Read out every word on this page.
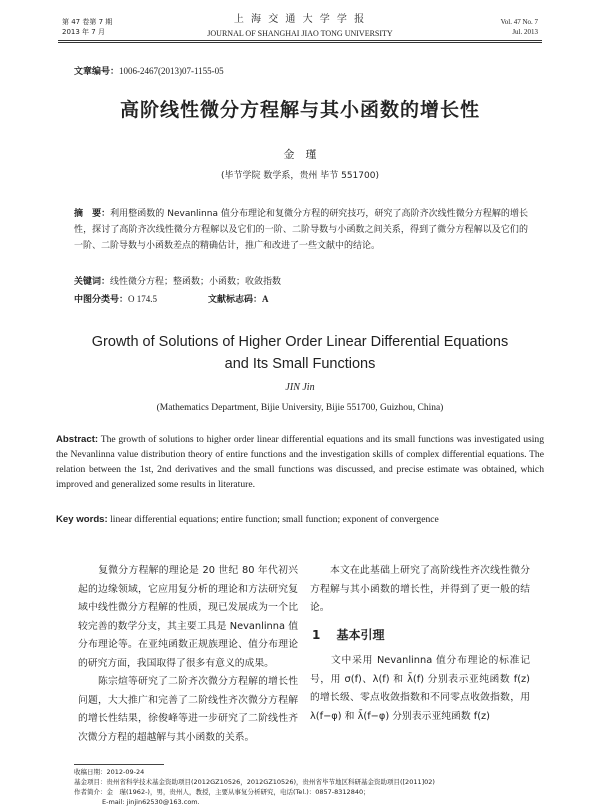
第 47 卷第 7 期
2013 年 7 月
上 海 交 通 大 学 学 报
JOURNAL OF SHANGHAI JIAO TONG UNIVERSITY
Vol. 47 No. 7
Jul. 2013
文章编号：1006-2467(2013)07-1155-05
高阶线性微分方程解与其小函数的增长性
金　瑾
(毕节学院 数学系，贵州 毕节 551700)
摘　要：利用整函数的 Nevanlinna 值分布理论和复微分方程的研究技巧，研究了高阶齐次线性微分方程解的增长性，探讨了高阶齐次线性微分方程解以及它们的一阶、二阶导数与小函数之间关系，得到了微分方程解以及它们的一阶、二阶导数与小函数差点的精确估计，推广和改进了一些文献中的结论。
关键词：线性微分方程；整函数；小函数；收敛指数
中图分类号：O 174.5	文献标志码：A
Growth of Solutions of Higher Order Linear Differential Equations
and Its Small Functions
JIN Jin
(Mathematics Department, Bijie University, Bijie 551700, Guizhou, China)
Abstract: The growth of solutions to higher order linear differential equations and its small functions was investigated using the Nevanlinna value distribution theory of entire functions and the investigation skills of complex differential equations. The relation between the 1st, 2nd derivatives and the small functions was discussed, and precise estimate was obtained, which improved and generalized some results in literature.
Key words: linear differential equations; entire function; small function; exponent of convergence
　　复微分方程解的理论是 20 世纪 80 年代初兴起的边缘领域，它应用复分析的理论和方法研究复域中线性微分方程解的性质，现已发展成为一个比较完善的数学分支，其主要工具是 Nevanlinna 值分布理论等。在亚纯函数正规族理论、值分布理论的研究方面，我国取得了很多有意义的成果。
　　陈宗煊等研究了二阶齐次微分方程解的增长性问题，大大推广和完善了二阶线性齐次微分方程解的增长性结果，徐俊峰等进一步研究了二阶线性齐次微分方程的超越解与其小函数的关系。
　　本文在此基础上研究了高阶线性齐次线性微分方程解与其小函数的增长性，并得到了更一般的结论。
1 基本引理
　　文中采用 Nevanlinna 值分布理论的标准记号，用 σ(f)、λ(f) 和 λ̄(f) 分别表示亚纯函数 f(z) 的增长级、零点收敛指数和不同零点收敛指数，用 λ(f−φ) 和 λ̄(f−φ) 分别表示亚纯函数 f(z)
收稿日期：2012-09-24
基金项目：贵州省科学技术基金资助项目(2012GZ10526，2012GZ10526)，贵州省毕节地区科研基金资助项目([2011]02)
作者简介：金　瑾(1962-)，男，贵州人，教授，主要从事复分析研究，电话(Tel.)：0857-8312840；
E-mail: jinjin62530@163.com.
